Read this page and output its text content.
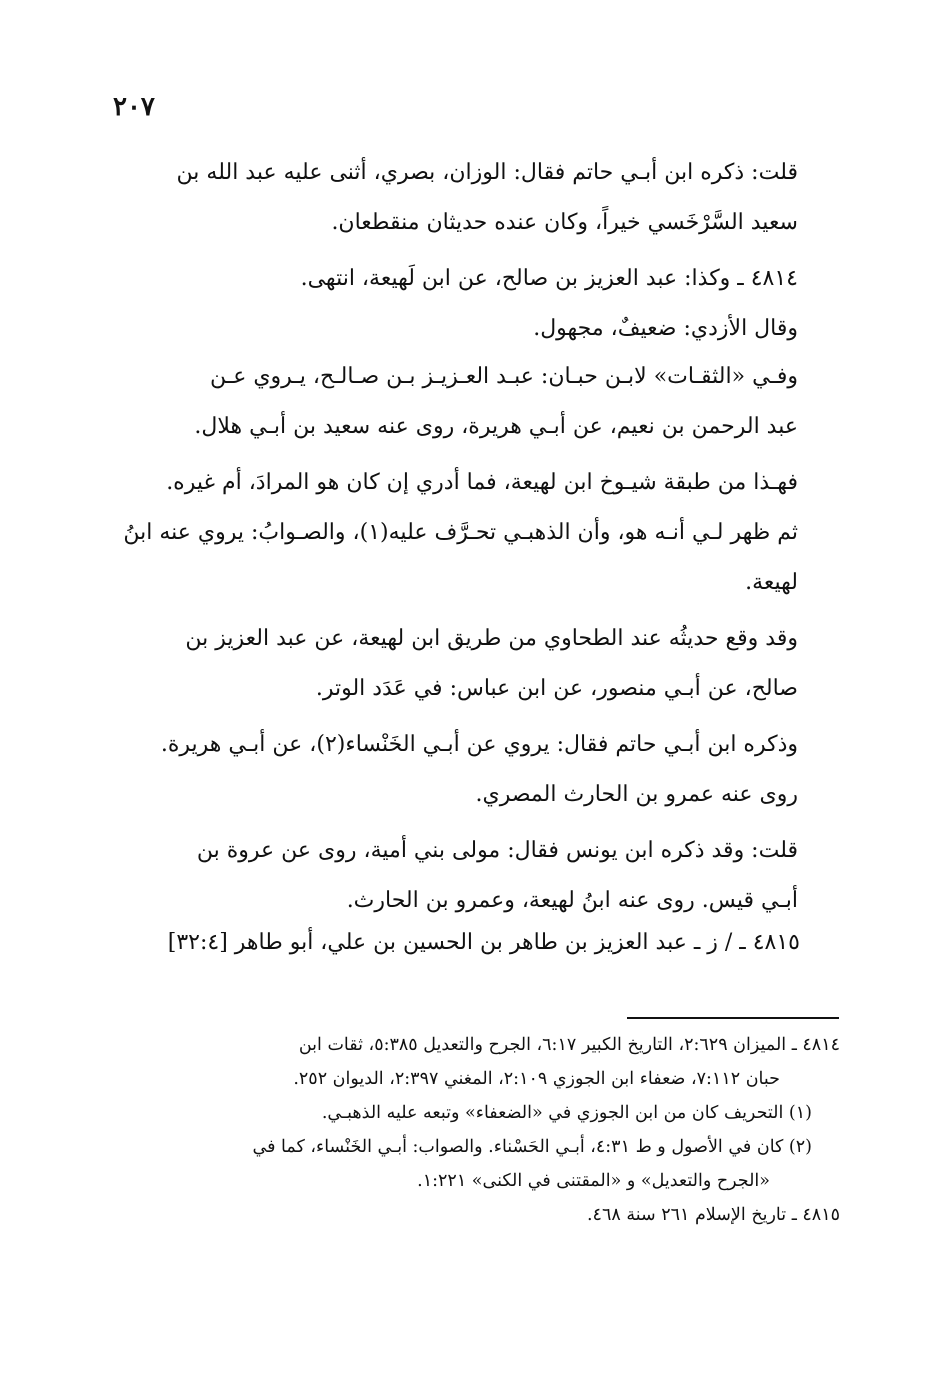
٢٠٧

قلت: ذكره ابن أبـي حاتم فقال: الوزان، بصري، أثنى عليه عبد الله بن
سعيد السَّرْخَسي خيراً، وكان عنده حديثان منقطعان.

٤٨١٤ ـ وكذا: عبد العزيز بن صالح، عن ابن لَهيعة، انتهى.

وقال الأزدي: ضعيفٌ، مجهول.

وفـي «الثقـات» لابـن حبـان: عبـد العـزيـز بـن صـالـح، يـروي عـن
عبد الرحمن بن نعيم، عن أبـي هريرة، روى عنه سعيد بن أبـي هلال.

فهـذا من طبقة شيـوخ ابن لهيعة، فما أدري إن كان هو المرادَ، أم غيره.
ثم ظهر لـي أنـه هو، وأن الذهبـي تحـرَّف عليه(١)، والصـوابُ: يروي عنه ابنُ
لهيعة.

وقد وقع حديثُه عند الطحاوي من طريق ابن لهيعة، عن عبد العزيز بن
صالح، عن أبـي منصور، عن ابن عباس: في عَدَد الوتر.

وذكره ابن أبـي حاتم فقال: يروي عن أبـي الخَنْساء(٢)، عن أبـي هريرة.
روى عنه عمرو بن الحارث المصري.

قلت: وقد ذكره ابن يونس فقال: مولى بني أمية، روى عن عروة بن
أبـي قيس. روى عنه ابنُ لهيعة، وعمرو بن الحارث.

٤٨١٥ ـ / ز ـ عبد العزيز بن طاهر بن الحسين بن علي، أبو طاهر [٣٢:٤]

٤٨١٤ ـ الميزان ٢:٦٢٩، التاريخ الكبير ٦:١٧، الجرح والتعديل ٥:٣٨٥، ثقات ابن
حبان ٧:١١٢، ضعفاء ابن الجوزي ٢:١٠٩، المغني ٢:٣٩٧، الديوان ٢٥٢.

(١) التحريف كان من ابن الجوزي في «الضعفاء» وتبعه عليه الذهبـي.

(٢) كان في الأصول و ط ٤:٣١، أبـي الحَسْناء. والصواب: أبـي الخَنْساء، كما في
«الجرح والتعديل» و «المقتنى في الكنى» ١:٢٢١.

٤٨١٥ ـ تاريخ الإسلام ٢٦١ سنة ٤٦٨.
